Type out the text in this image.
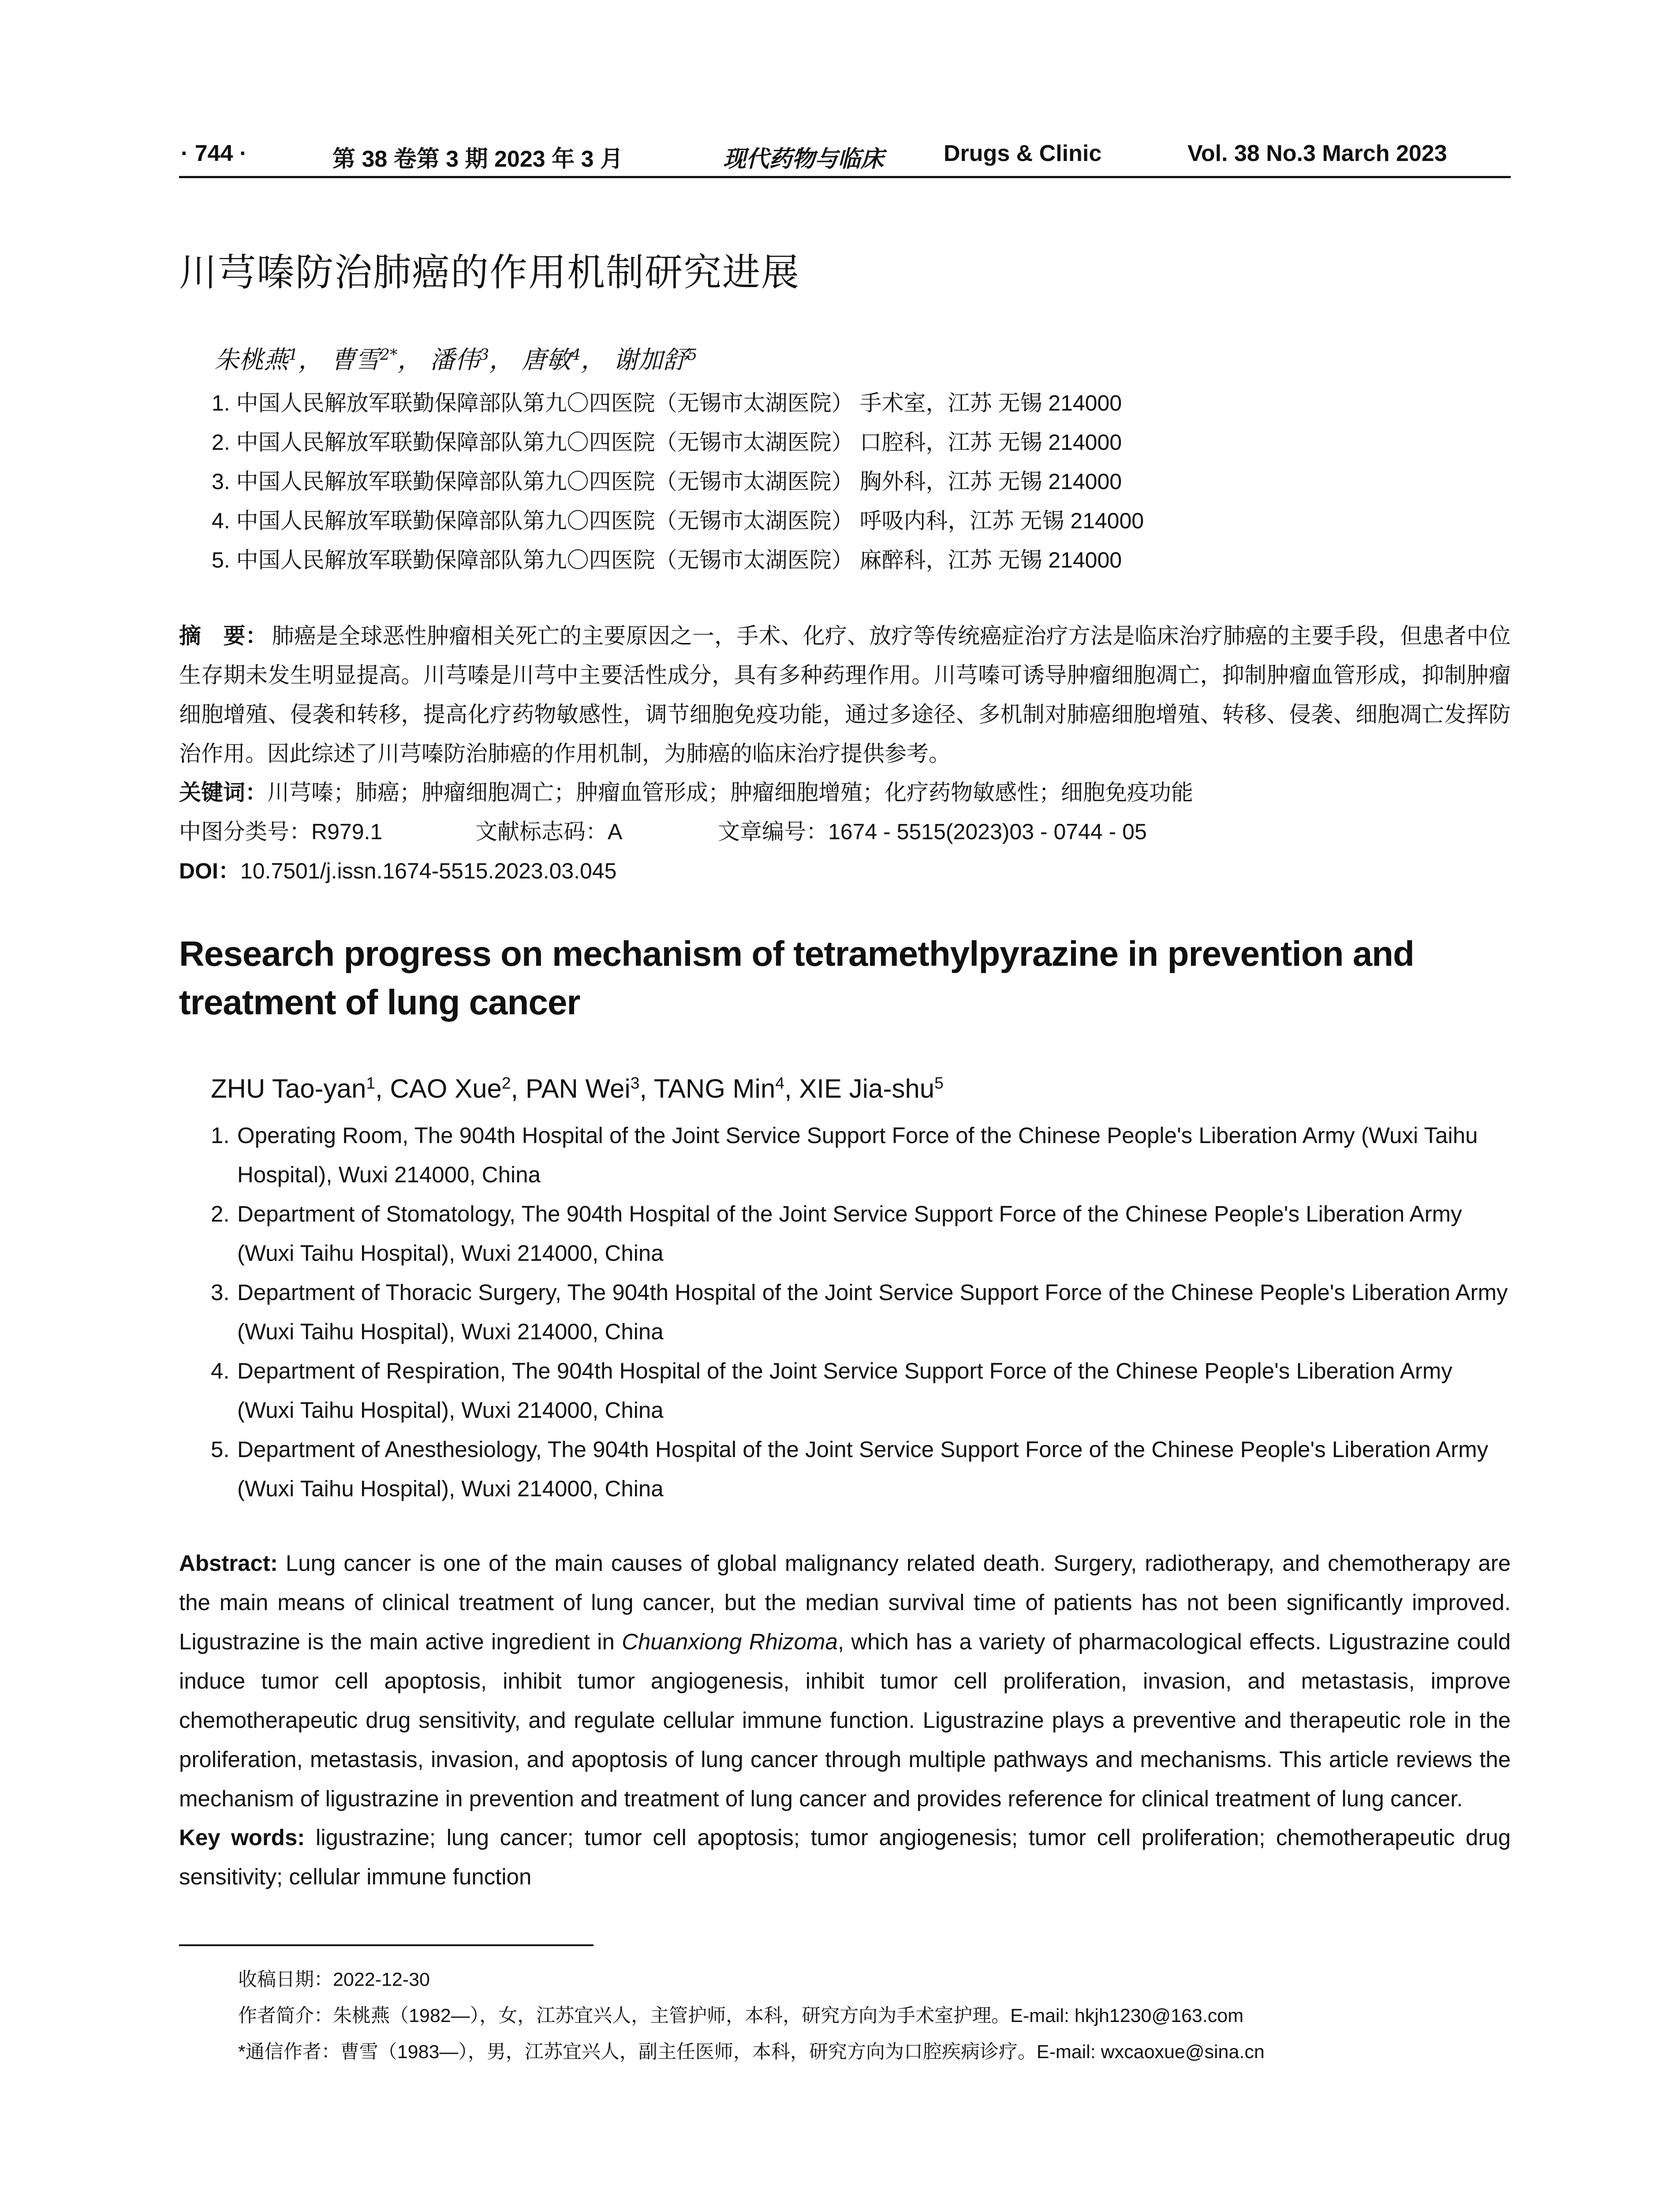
· 744 ·	第 38 卷第 3 期 2023 年 3 月	现代药物与临床	Drugs & Clinic	Vol. 38 No.3 March 2023
川芎嗪防治肺癌的作用机制研究进展
朱桃燕$^1$， 曹雪$^{2*}$， 潘伟$^3$， 唐敏$^4$， 谢加舒$^5$
1. 中国人民解放军联勤保障部队第九〇四医院（无锡市太湖医院） 手术室，江苏 无锡 214000
2. 中国人民解放军联勤保障部队第九〇四医院（无锡市太湖医院） 口腔科，江苏 无锡 214000
3. 中国人民解放军联勤保障部队第九〇四医院（无锡市太湖医院） 胸外科，江苏 无锡 214000
4. 中国人民解放军联勤保障部队第九〇四医院（无锡市太湖医院） 呼吸内科，江苏 无锡 214000
5. 中国人民解放军联勤保障部队第九〇四医院（无锡市太湖医院） 麻醉科，江苏 无锡 214000
摘　要： 肺癌是全球恶性肿瘤相关死亡的主要原因之一，手术、化疗、放疗等传统癌症治疗方法是临床治疗肺癌的主要手段，但患者中位生存期未发生明显提高。川芎嗪是川芎中主要活性成分，具有多种药理作用。川芎嗪可诱导肿瘤细胞凋亡，抑制肿瘤血管形成，抑制肿瘤细胞增殖、侵袭和转移，提高化疗药物敏感性，调节细胞免疫功能，通过多途径、多机制对肺癌细胞增殖、转移、侵袭、细胞凋亡发挥防治作用。因此综述了川芎嗪防治肺癌的作用机制，为肺癌的临床治疗提供参考。
关键词：川芎嗪；肺癌；肿瘤细胞凋亡；肿瘤血管形成；肿瘤细胞增殖；化疗药物敏感性；细胞免疫功能
中图分类号：R979.1	文献标志码：A	文章编号：1674 - 5515(2023)03 - 0744 - 05
DOI：10.7501/j.issn.1674-5515.2023.03.045
Research progress on mechanism of tetramethylpyrazine in prevention and treatment of lung cancer
ZHU Tao-yan$^1$, CAO Xue$^2$, PAN Wei$^3$, TANG Min$^4$, XIE Jia-shu$^5$
1. Operating Room, The 904th Hospital of the Joint Service Support Force of the Chinese People's Liberation Army (Wuxi Taihu Hospital), Wuxi 214000, China
2. Department of Stomatology, The 904th Hospital of the Joint Service Support Force of the Chinese People's Liberation Army (Wuxi Taihu Hospital), Wuxi 214000, China
3. Department of Thoracic Surgery, The 904th Hospital of the Joint Service Support Force of the Chinese People's Liberation Army (Wuxi Taihu Hospital), Wuxi 214000, China
4. Department of Respiration, The 904th Hospital of the Joint Service Support Force of the Chinese People's Liberation Army (Wuxi Taihu Hospital), Wuxi 214000, China
5. Department of Anesthesiology, The 904th Hospital of the Joint Service Support Force of the Chinese People's Liberation Army (Wuxi Taihu Hospital), Wuxi 214000, China
Abstract: Lung cancer is one of the main causes of global malignancy related death. Surgery, radiotherapy, and chemotherapy are the main means of clinical treatment of lung cancer, but the median survival time of patients has not been significantly improved. Ligustrazine is the main active ingredient in Chuanxiong Rhizoma, which has a variety of pharmacological effects. Ligustrazine could induce tumor cell apoptosis, inhibit tumor angiogenesis, inhibit tumor cell proliferation, invasion, and metastasis, improve chemotherapeutic drug sensitivity, and regulate cellular immune function. Ligustrazine plays a preventive and therapeutic role in the proliferation, metastasis, invasion, and apoptosis of lung cancer through multiple pathways and mechanisms. This article reviews the mechanism of ligustrazine in prevention and treatment of lung cancer and provides reference for clinical treatment of lung cancer.
Key words: ligustrazine; lung cancer; tumor cell apoptosis; tumor angiogenesis; tumor cell proliferation; chemotherapeutic drug sensitivity; cellular immune function
收稿日期：2022-12-30
作者简介：朱桃燕（1982—），女，江苏宜兴人，主管护师，本科，研究方向为手术室护理。E-mail: hkjh1230@163.com
*通信作者：曹雪（1983—），男，江苏宜兴人，副主任医师，本科，研究方向为口腔疾病诊疗。E-mail: wxcaoxue@sina.cn
